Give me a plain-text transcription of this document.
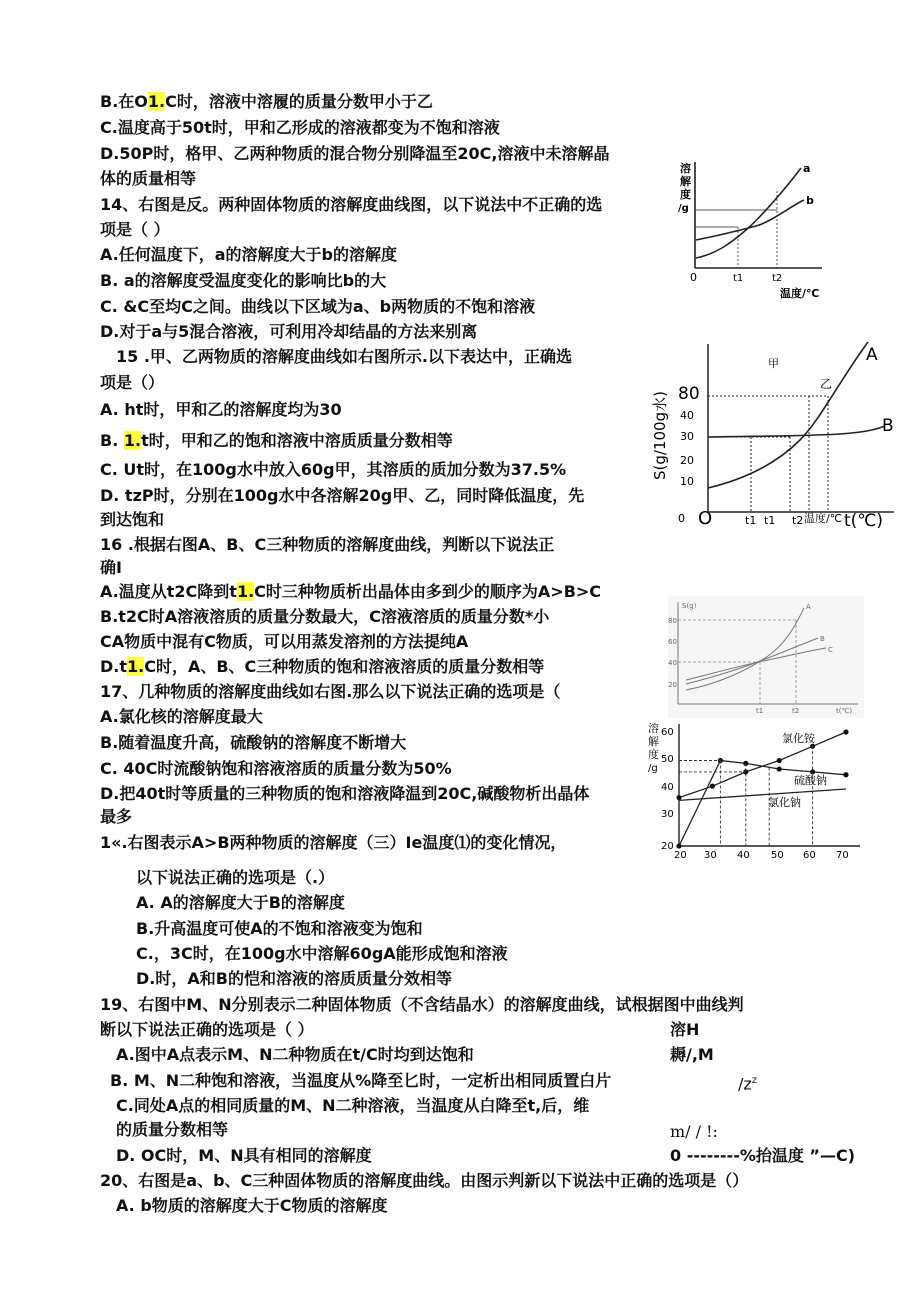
B.在O1.C时，溶液中溶履的质量分数甲小于乙
C.温度高于50t时，甲和乙形成的溶液都变为不饱和溶液
D.50P时，格甲、乙两种物质的混合物分别降温至20C,溶液中未溶解晶
体的质量相等
14、右图是反。两种固体物质的溶解度曲线图，以下说法中不正确的选
项是（ ）
A.任何温度下，a的溶解度大于b的溶解度
B. a的溶解度受温度变化的影响比b的大
C. &C至均C之间。曲线以下区域为a、b两物质的不饱和溶液
D.对于a与5混合溶液，可利用冷却结晶的方法来别离
15 .甲、乙两物质的溶解度曲线如右图所示.以下表达中，正确选
项是（）
A. ht时，甲和乙的溶解度均为30
B. 1.t时，甲和乙的饱和溶液中溶质质量分数相等
C. Ut时，在100g水中放入60g甲，其溶质的质加分数为37.5%
D. tzP时，分别在100g水中各溶解20g甲、乙，同时降低温度，先
到达饱和
16 .根据右图A、B、C三种物质的溶解度曲线，判断以下说法正
确I
A.温度从t2C降到t1.C时三种物质析出晶体由多到少的顺序为A>B>C
B.t2C时A溶液溶质的质量分数最大，C溶液溶质的质量分数*小
CA物质中混有C物质，可以用蒸发溶剂的方法提纯A
D.t1.C时，A、B、C三种物质的饱和溶液溶质的质量分数相等
17、几种物质的溶解度曲线如右图.那么以下说法正确的选项是（
A.氯化核的溶解度最大
B.随着温度升高，硫酸钠的溶解度不断增大
C. 40C时流酸钠饱和溶液溶质的质量分数为50%
D.把40t时等质量的三种物质的饱和溶液降温到20C,碱酸物析出晶体
最多
1«.右图表示A>B两种物质的溶解度（三）Ie温度⑴的变化情况，
以下说法正确的选项是（.）
A. A的溶解度大于B的溶解度
B.升高温度可使A的不饱和溶液变为饱和
C.，3C时，在100g水中溶解60gA能形成饱和溶液
D.时，A和B的恺和溶液的溶质质量分效相等
19、右图中M、N分别表示二种固体物质（不含结晶水）的溶解度曲线，试根据图中曲线判
断以下说法正确的选项是（ ）
A.图中A点表示M、N二种物质在t/C时均到达饱和
B. M、N二种饱和溶液，当温度从%降至匕时，一定析出相同质置白片
C.同处A点的相同质量的M、N二种溶液，当温度从白降至t,后，维
的质量分数相等
D. OC时，M、N具有相同的溶解度
20、右图是a、b、C三种固体物质的溶解度曲线。由图示判新以下说法中正确的选项是（）
A. b物质的溶解度大于C物质的溶解度
溶H
耨/,M
$/z^z$
m/ / !:
0 --------%抬温度 ”—C)
溶
解
度
/g
a
b
0	t1	t2
温度/℃
S(g/100g水) 80
40
30
20
10
0
甲
乙
A
B
O	t1 t1 t2 温度/℃ t(℃)
S(g)
80
60
40
20
A
B
C
t1	t2	t(℃)
溶
解
度
/g
60
50
40
30
20
20 30 40 50 60 70
氯化铵
硫酸钠
氯化钠
